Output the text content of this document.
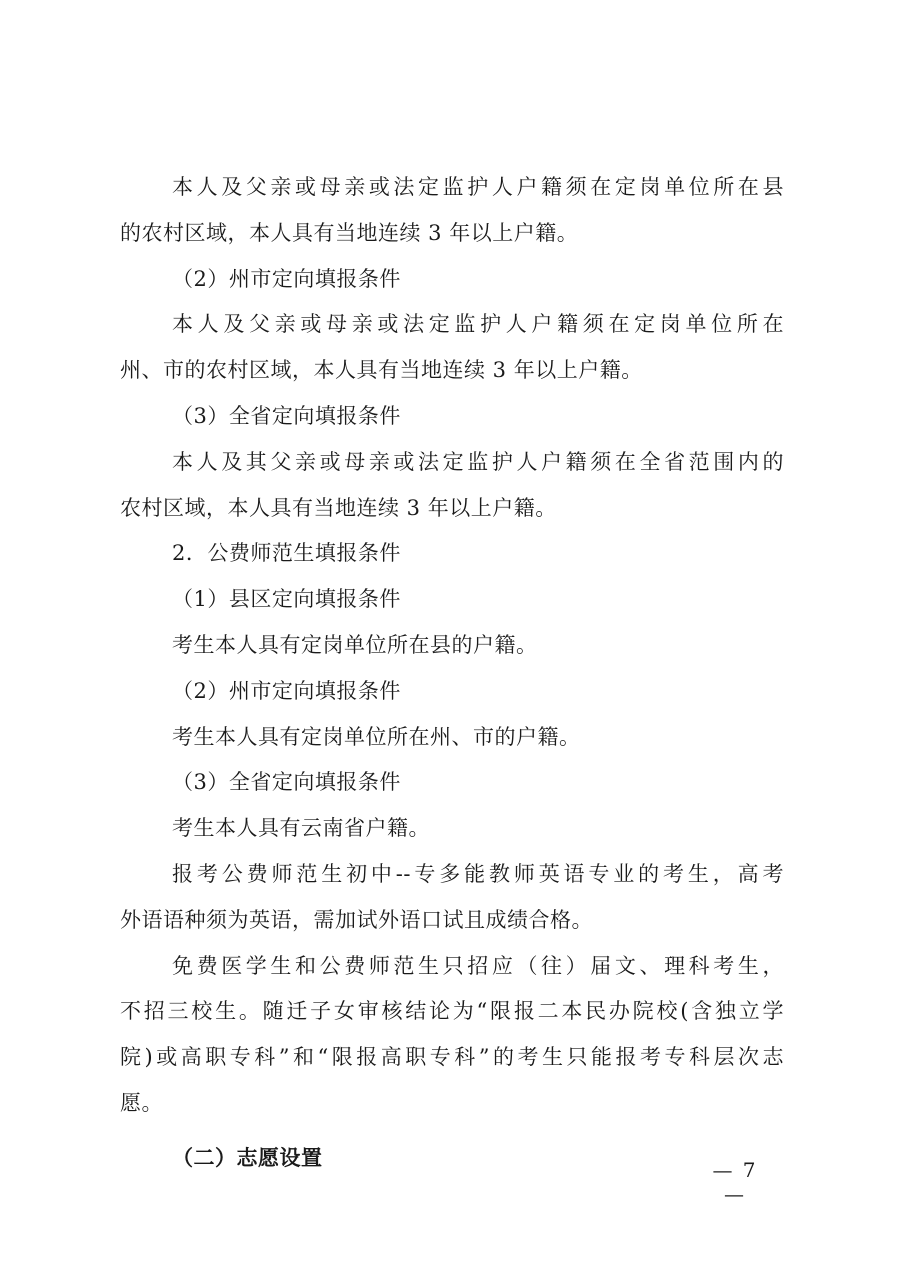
本人及父亲或母亲或法定监护人户籍须在定岗单位所在县
的农村区域，本人具有当地连续 3 年以上户籍。
（2）州市定向填报条件
本人及父亲或母亲或法定监护人户籍须在定岗单位所在
州、市的农村区域，本人具有当地连续 3 年以上户籍。
（3）全省定向填报条件
本人及其父亲或母亲或法定监护人户籍须在全省范围内的
农村区域，本人具有当地连续 3 年以上户籍。
2．公费师范生填报条件
（1）县区定向填报条件
考生本人具有定岗单位所在县的户籍。
（2）州市定向填报条件
考生本人具有定岗单位所在州、市的户籍。
（3）全省定向填报条件
考生本人具有云南省户籍。
报考公费师范生初中--专多能教师英语专业的考生，高考
外语语种须为英语，需加试外语口试且成绩合格。
免费医学生和公费师范生只招应（往）届文、理科考生，
不招三校生。随迁子女审核结论为“限报二本民办院校(含独立学
院)或高职专科”和“限报高职专科”的考生只能报考专科层次志
愿。
（二）志愿设置
— 7 —
